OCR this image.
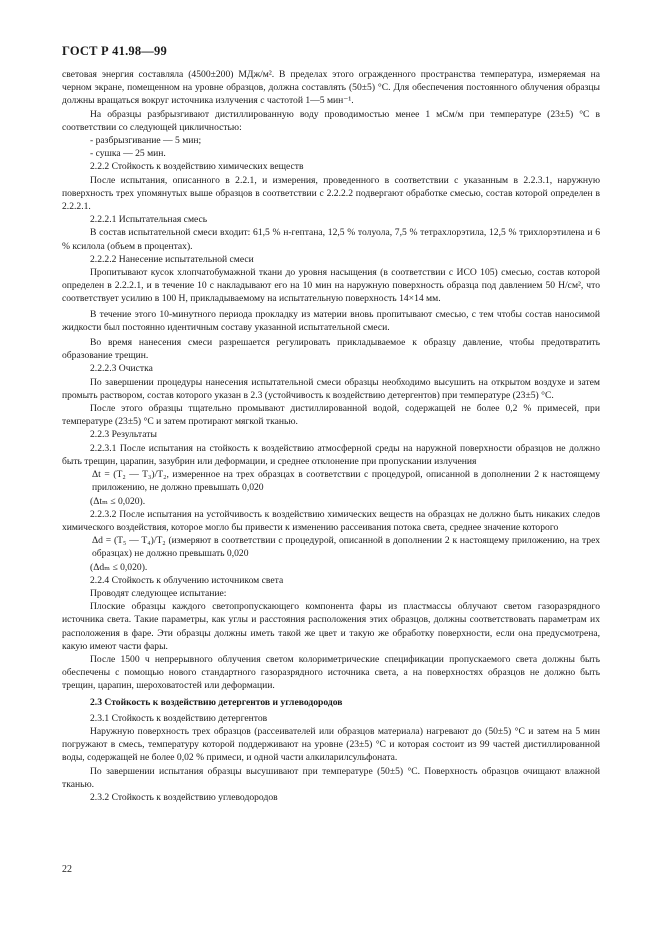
ГОСТ Р 41.98—99

световая энергия составляла (4500±200) МДж/м². В пределах этого огражденного пространства температура, измеряемая на черном экране, помещенном на уровне образцов, должна составлять (50±5) °С. Для обеспечения постоянного облучения образцы должны вращаться вокруг источника излучения с частотой 1—5 мин⁻¹.

На образцы разбрызгивают дистиллированную воду проводимостью менее 1 мСм/м при температуре (23±5) °С в соответствии со следующей цикличностью:

- разбрызгивание — 5 мин;

- сушка — 25 мин.

2.2.2 Стойкость к воздействию химических веществ

После испытания, описанного в 2.2.1, и измерения, проведенного в соответствии с указанным в 2.2.3.1, наружную поверхность трех упомянутых выше образцов в соответствии с 2.2.2.2 подвергают обработке смесью, состав которой определен в 2.2.2.1.

2.2.2.1 Испытательная смесь

В состав испытательной смеси входит: 61,5 % н-гептана, 12,5 % толуола, 7,5 % тетрахлорэтила, 12,5 % трихлорэтилена и 6 % ксилола (объем в процентах).

2.2.2.2 Нанесение испытательной смеси

Пропитывают кусок хлопчатобумажной ткани до уровня насыщения (в соответствии с ИСО 105) смесью, состав которой определен в 2.2.2.1, и в течение 10 с накладывают его на 10 мин на наружную поверхность образца под давлением 50 Н/см², что соответствует усилию в 100 Н, прикладываемому на испытательную поверхность 14×14 мм.

В течение этого 10-минутного периода прокладку из материи вновь пропитывают смесью, с тем чтобы состав наносимой жидкости был постоянно идентичным составу указанной испытательной смеси.

Во время нанесения смеси разрешается регулировать прикладываемое к образцу давление, чтобы предотвратить образование трещин.

2.2.2.3 Очистка

По завершении процедуры нанесения испытательной смеси образцы необходимо высушить на открытом воздухе и затем промыть раствором, состав которого указан в 2.3 (устойчивость к воздействию детергентов) при температуре (23±5) °С.

После этого образцы тщательно промывают дистиллированной водой, содержащей не более 0,2 % примесей, при температуре (23±5) °С и затем протирают мягкой тканью.

2.2.3 Результаты

2.2.3.1 После испытания на стойкость к воздействию атмосферной среды на наружной поверхности образцов не должно быть трещин, царапин, зазубрин или деформации, и среднее отклонение при пропускании излучения

Δt = (T₂ — T₃)/T₂, измеренное на трех образцах в соответствии с процедурой, описанной в дополнении 2 к настоящему приложению, не должно превышать 0,020

(Δtₘ ≤ 0,020).

2.2.3.2 После испытания на устойчивость к воздействию химических веществ на образцах не должно быть никаких следов химического воздействия, которое могло бы привести к изменению рассеивания потока света, среднее значение которого

Δd = (T₅ — T₄)/T₂ (измеряют в соответствии с процедурой, описанной в дополнении 2 к настоящему приложению, на трех образцах) не должно превышать 0,020

(Δdₘ ≤ 0,020).

2.2.4 Стойкость к облучению источником света

Проводят следующее испытание:

Плоские образцы каждого светопропускающего компонента фары из пластмассы облучают светом газоразрядного источника света. Такие параметры, как углы и расстояния расположения этих образцов, должны соответствовать параметрам их расположения в фаре. Эти образцы должны иметь такой же цвет и такую же обработку поверхности, если она предусмотрена, какую имеют части фары.

После 1500 ч непрерывного облучения светом колориметрические спецификации пропускаемого света должны быть обеспечены с помощью нового стандартного газоразрядного источника света, а на поверхностях образцов не должно быть трещин, царапин, шероховатостей или деформации.

2.3 Стойкость к воздействию детергентов и углеводородов

2.3.1 Стойкость к воздействию детергентов

Наружную поверхность трех образцов (рассеивателей или образцов материала) нагревают до (50±5) °С и затем на 5 мин погружают в смесь, температуру которой поддерживают на уровне (23±5) °С и которая состоит из 99 частей дистиллированной воды, содержащей не более 0,02 % примеси, и одной части алкиларилсульфоната.

По завершении испытания образцы высушивают при температуре (50±5) °С. Поверхность образцов очищают влажной тканью.

2.3.2 Стойкость к воздействию углеводородов

22
